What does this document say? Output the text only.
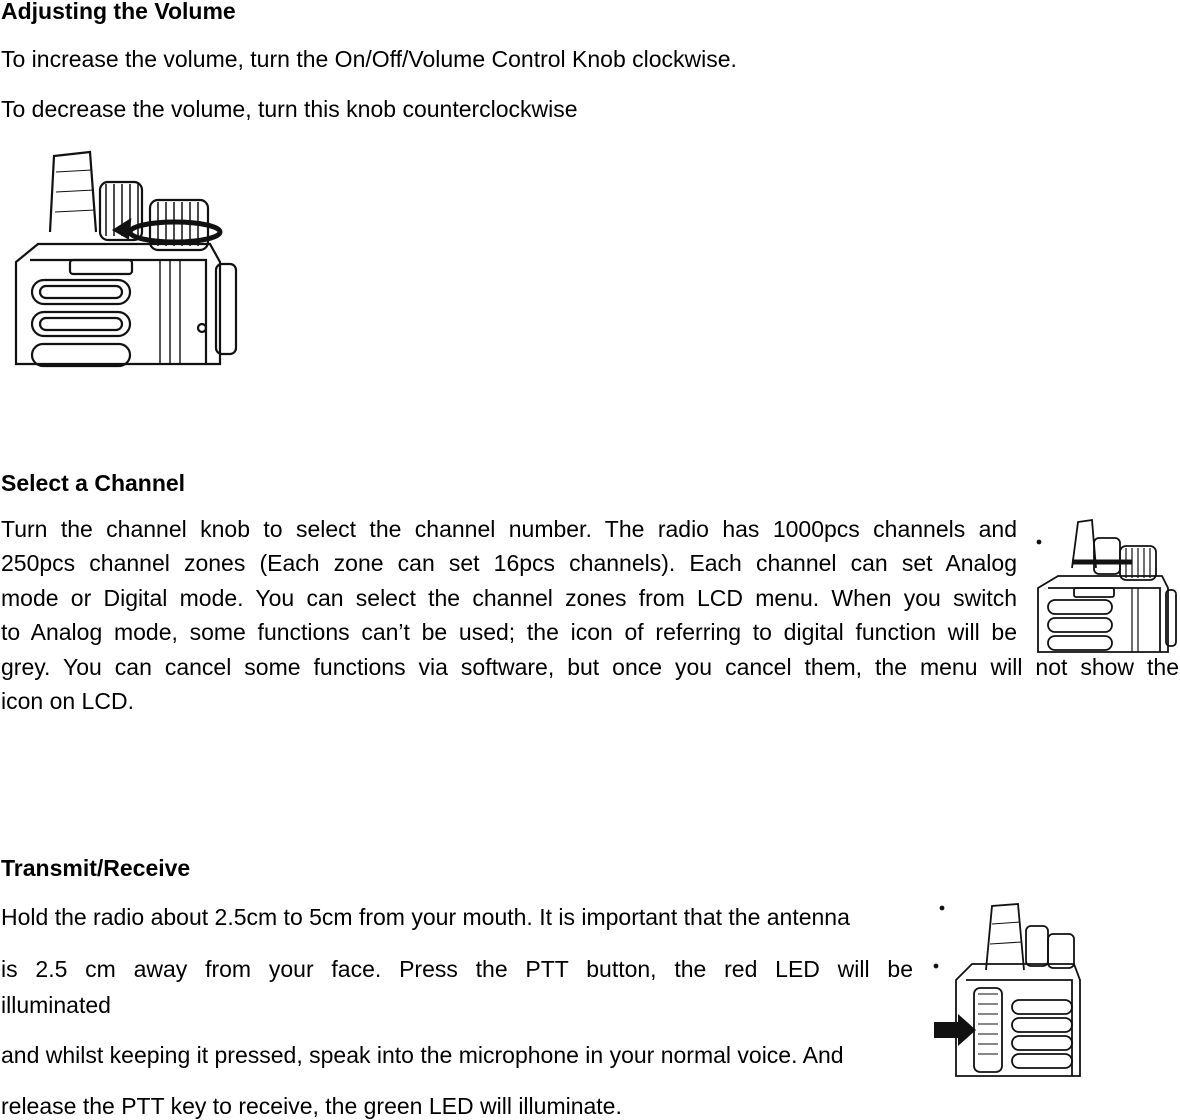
Adjusting the Volume
To increase the volume, turn the On/Off/Volume Control Knob clockwise.
To decrease the volume, turn this knob counterclockwise
Select a Channel
Turn the channel knob to select the channel number. The radio has 1000pcs channels and
250pcs channel zones (Each zone can set 16pcs channels). Each channel can set Analog
mode or Digital mode. You can select the channel zones from LCD menu. When you switch
to Analog mode, some functions can’t be used; the icon of referring to digital function will be
grey. You can cancel some functions via software, but once you cancel them, the menu will not show the
icon on LCD.
Transmit/Receive
Hold the radio about 2.5cm to 5cm from your mouth. It is important that the antenna
is 2.5 cm away from your face. Press the PTT button, the red LED will be
illuminated
and whilst keeping it pressed, speak into the microphone in your normal voice. And
release the PTT key to receive, the green LED will illuminate.
